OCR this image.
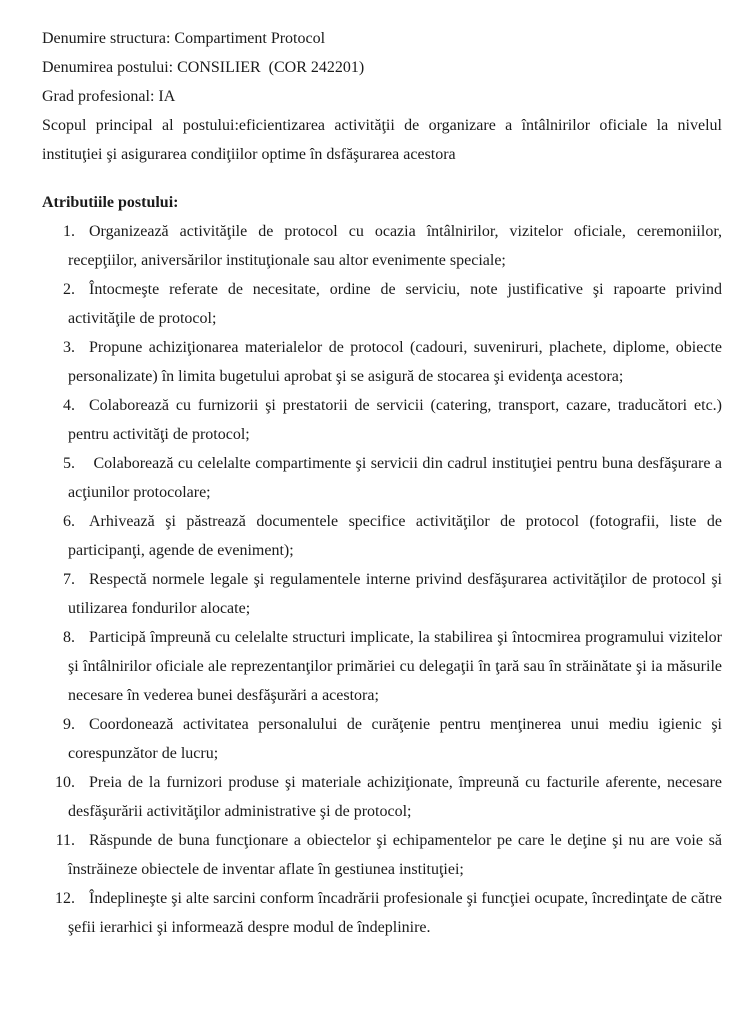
Denumire structura: Compartiment Protocol

Denumirea postului: CONSILIER  (COR 242201)

Grad profesional: IA

Scopul principal al postului:eficientizarea activităţii de organizare a întâlnirilor oficiale la nivelul instituţiei şi asigurarea condiţiilor optime în dsfăşurarea acestora

Atributiile postului:

1. Organizează activităţile de protocol cu ocazia întâlnirilor, vizitelor oficiale, ceremoniilor, recepţiilor, aniversărilor instituţionale sau altor evenimente speciale;
2. Întocmeşte referate de necesitate, ordine de serviciu, note justificative şi rapoarte privind activităţile de protocol;
3. Propune achiziţionarea materialelor de protocol (cadouri, suveniruri, plachete, diplome, obiecte personalizate) în limita bugetului aprobat şi se asigură de stocarea şi evidenţa acestora;
4. Colaborează cu furnizorii şi prestatorii de servicii (catering, transport, cazare, traducători etc.) pentru activităţi de protocol;
5. Colaborează cu celelalte compartimente şi servicii din cadrul instituţiei pentru buna desfăşurare a acţiunilor protocolare;
6. Arhivează şi păstrează documentele specifice activităţilor de protocol (fotografii, liste de participanţi, agende de eveniment);
7. Respectă normele legale şi regulamentele interne privind desfăşurarea activităţilor de protocol şi utilizarea fondurilor alocate;
8. Participă împreună cu celelalte structuri implicate, la stabilirea şi întocmirea programului vizitelor şi întâlnirilor oficiale ale reprezentanţilor primăriei cu delegaţii în ţară sau în străinătate şi ia măsurile necesare în vederea bunei desfăşurări a acestora;
9. Coordonează activitatea personalului de curăţenie pentru menţinerea unui mediu igienic şi corespunzător de lucru;
10. Preia de la furnizori produse şi materiale achiziţionate, împreună cu facturile aferente, necesare desfăşurării activităţilor administrative şi de protocol;
11. Răspunde de buna funcţionare a obiectelor şi echipamentelor pe care le deţine şi nu are voie să înstrăineze obiectele de inventar aflate în gestiunea instituţiei;
12. Îndeplineşte şi alte sarcini conform încadrării profesionale şi funcţiei ocupate, încredinţate de către şefii ierarhici şi informează despre modul de îndeplinire.
